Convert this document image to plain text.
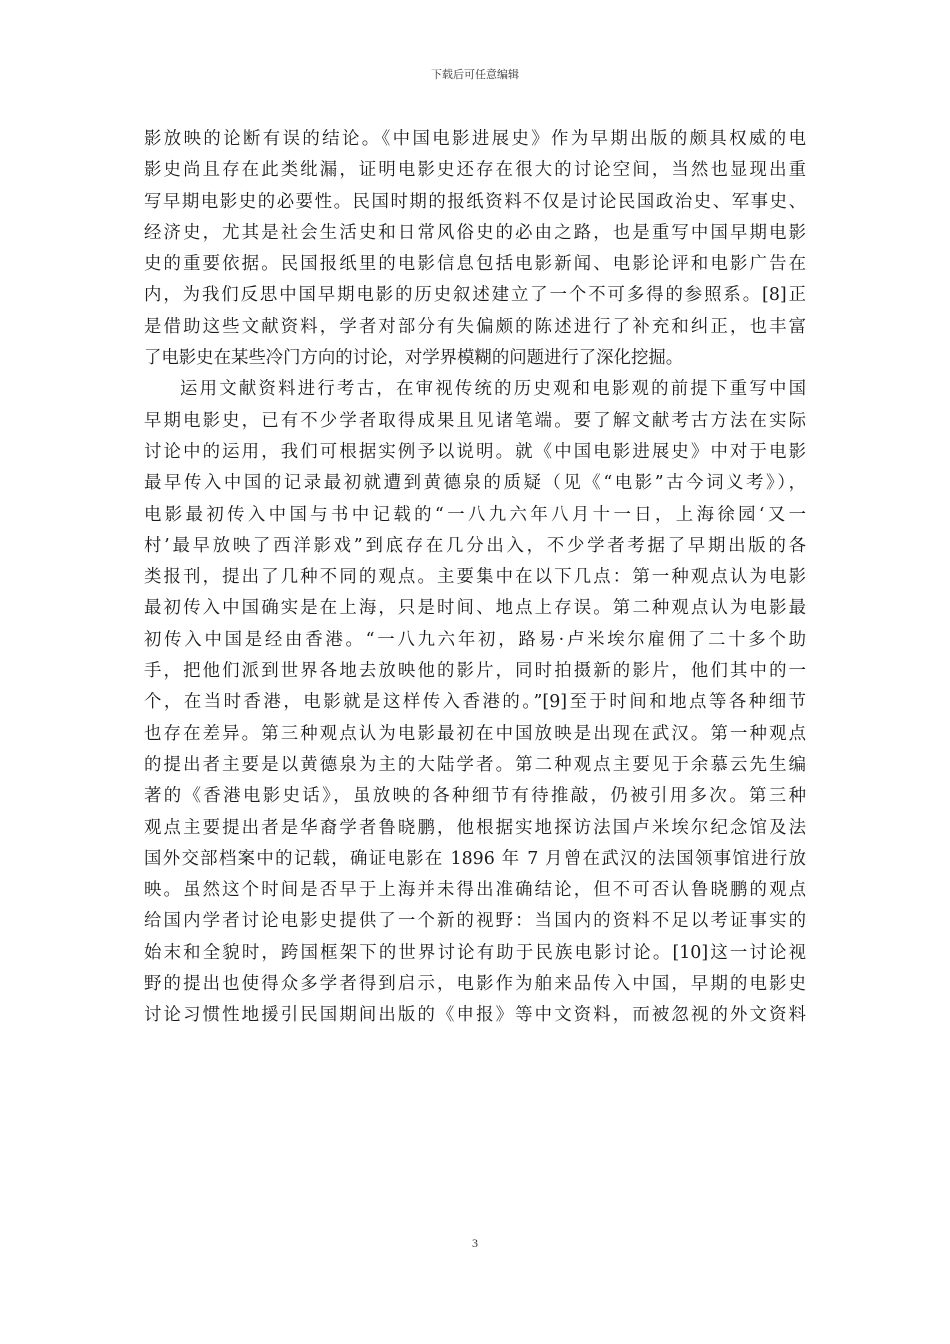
下载后可任意编辑
影放映的论断有误的结论。《中国电影进展史》作为早期出版的颇具权威的电
影史尚且存在此类纰漏，证明电影史还存在很大的讨论空间，当然也显现出重
写早期电影史的必要性。民国时期的报纸资料不仅是讨论民国政治史、军事史、
经济史，尤其是社会生活史和日常风俗史的必由之路，也是重写中国早期电影
史的重要依据。民国报纸里的电影信息包括电影新闻、电影论评和电影广告在
内，为我们反思中国早期电影的历史叙述建立了一个不可多得的参照系。[8]正
是借助这些文献资料，学者对部分有失偏颇的陈述进行了补充和纠正，也丰富
了电影史在某些冷门方向的讨论，对学界模糊的问题进行了深化挖掘。
运用文献资料进行考古，在审视传统的历史观和电影观的前提下重写中国
早期电影史，已有不少学者取得成果且见诸笔端。要了解文献考古方法在实际
讨论中的运用，我们可根据实例予以说明。就《中国电影进展史》中对于电影
最早传入中国的记录最初就遭到黄德泉的质疑（见《“电影”古今词义考》），
电影最初传入中国与书中记载的“一八九六年八月十一日，上海徐园‘又一
村’最早放映了西洋影戏”到底存在几分出入，不少学者考据了早期出版的各
类报刊，提出了几种不同的观点。主要集中在以下几点：第一种观点认为电影
最初传入中国确实是在上海，只是时间、地点上存误。第二种观点认为电影最
初传入中国是经由香港。“一八九六年初，路易·卢米埃尔雇佣了二十多个助
手，把他们派到世界各地去放映他的影片，同时拍摄新的影片，他们其中的一
个，在当时香港，电影就是这样传入香港的。”[9]至于时间和地点等各种细节
也存在差异。第三种观点认为电影最初在中国放映是出现在武汉。第一种观点
的提出者主要是以黄德泉为主的大陆学者。第二种观点主要见于余慕云先生编
著的《香港电影史话》，虽放映的各种细节有待推敲，仍被引用多次。第三种
观点主要提出者是华裔学者鲁晓鹏，他根据实地探访法国卢米埃尔纪念馆及法
国外交部档案中的记载，确证电影在 1896 年 7 月曾在武汉的法国领事馆进行放
映。虽然这个时间是否早于上海并未得出准确结论，但不可否认鲁晓鹏的观点
给国内学者讨论电影史提供了一个新的视野：当国内的资料不足以考证事实的
始末和全貌时，跨国框架下的世界讨论有助于民族电影讨论。[10]这一讨论视
野的提出也使得众多学者得到启示，电影作为舶来品传入中国，早期的电影史
讨论习惯性地援引民国期间出版的《申报》等中文资料，而被忽视的外文资料
3
